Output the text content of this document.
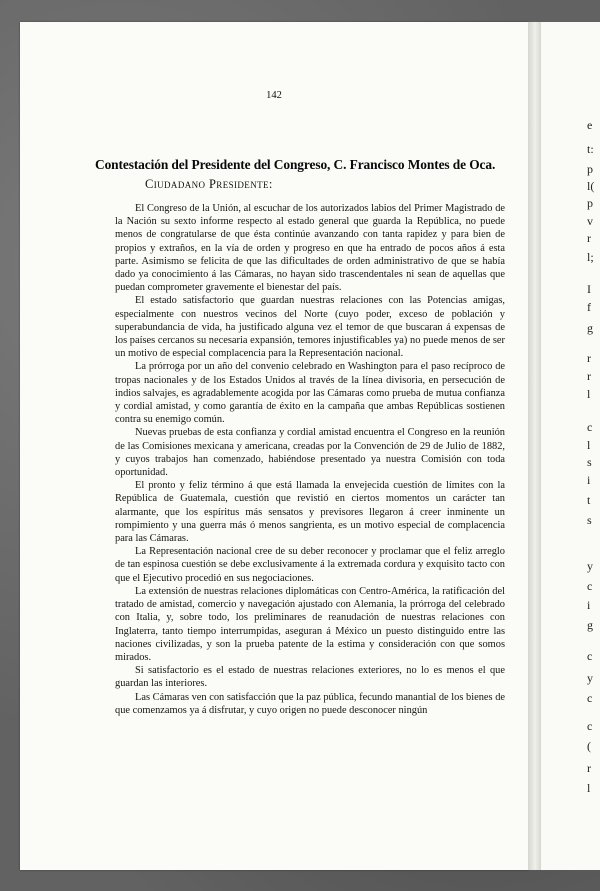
142
Contestación del Presidente del Congreso, C. Francisco Montes de Oca.
Ciudadano Presidente:

El Congreso de la Unión, al escuchar de los autorizados labios del Primer Magistrado de la Nación su sexto informe respecto al estado general que guarda la República, no puede menos de congratularse de que ésta continúe avanzando con tanta rapidez y para bien de propios y extraños, en la vía de orden y progreso en que ha entrado de pocos años á esta parte. Asimismo se felicita de que las dificultades de orden administrativo de que se había dado ya conocimiento á las Cámaras, no hayan sido trascendentales ni sean de aquellas que puedan comprometer gravemente el bienestar del país.

El estado satisfactorio que guardan nuestras relaciones con las Potencias amigas, especialmente con nuestros vecinos del Norte (cuyo poder, exceso de población y superabundancia de vida, ha justificado alguna vez el temor de que buscaran á expensas de los países cercanos su necesaria expansión, temores injustificables ya) no puede menos de ser un motivo de especial complacencia para la Representación nacional.

La prórroga por un año del convenio celebrado en Washington para el paso recíproco de tropas nacionales y de los Estados Unidos al través de la línea divisoria, en persecución de indios salvajes, es agradablemente acogida por las Cámaras como prueba de mutua confianza y cordial amistad, y como garantía de éxito en la campaña que ambas Repúblicas sostienen contra su enemigo común.

Nuevas pruebas de esta confianza y cordial amistad encuentra el Congreso en la reunión de las Comisiones mexicana y americana, creadas por la Convención de 29 de Julio de 1882, y cuyos trabajos han comenzado, habiéndose presentado ya nuestra Comisión con toda oportunidad.

El pronto y feliz término á que está llamada la envejecida cuestión de límites con la República de Guatemala, cuestión que revistió en ciertos momentos un carácter tan alarmante, que los espíritus más sensatos y previsores llegaron á creer inminente un rompimiento y una guerra más ó menos sangrienta, es un motivo especial de complacencia para las Cámaras.

La Representación nacional cree de su deber reconocer y proclamar que el feliz arreglo de tan espinosa cuestión se debe exclusivamente á la extremada cordura y exquisito tacto con que el Ejecutivo procedió en sus negociaciones.

La extensión de nuestras relaciones diplomáticas con Centro-América, la ratificación del tratado de amistad, comercio y navegación ajustado con Alemania, la prórroga del celebrado con Italia, y, sobre todo, los preliminares de reanudación de nuestras relaciones con Inglaterra, tanto tiempo interrumpidas, aseguran á México un puesto distinguido entre las naciones civilizadas, y son la prueba patente de la estima y consideración con que somos mirados.

Si satisfactorio es el estado de nuestras relaciones exteriores, no lo es menos el que guardan las interiores.

Las Cámaras ven con satisfacción que la paz pública, fecundo manantial de los bienes de que comenzamos ya á disfrutar, y cuyo origen no puede desconocer ningún

e
t:
p
l(
p
v
r
l;
I
f
g
r
r
l
c
l
s
i
t
s
y
c
i
g
c
y
c
c
(
r
l
